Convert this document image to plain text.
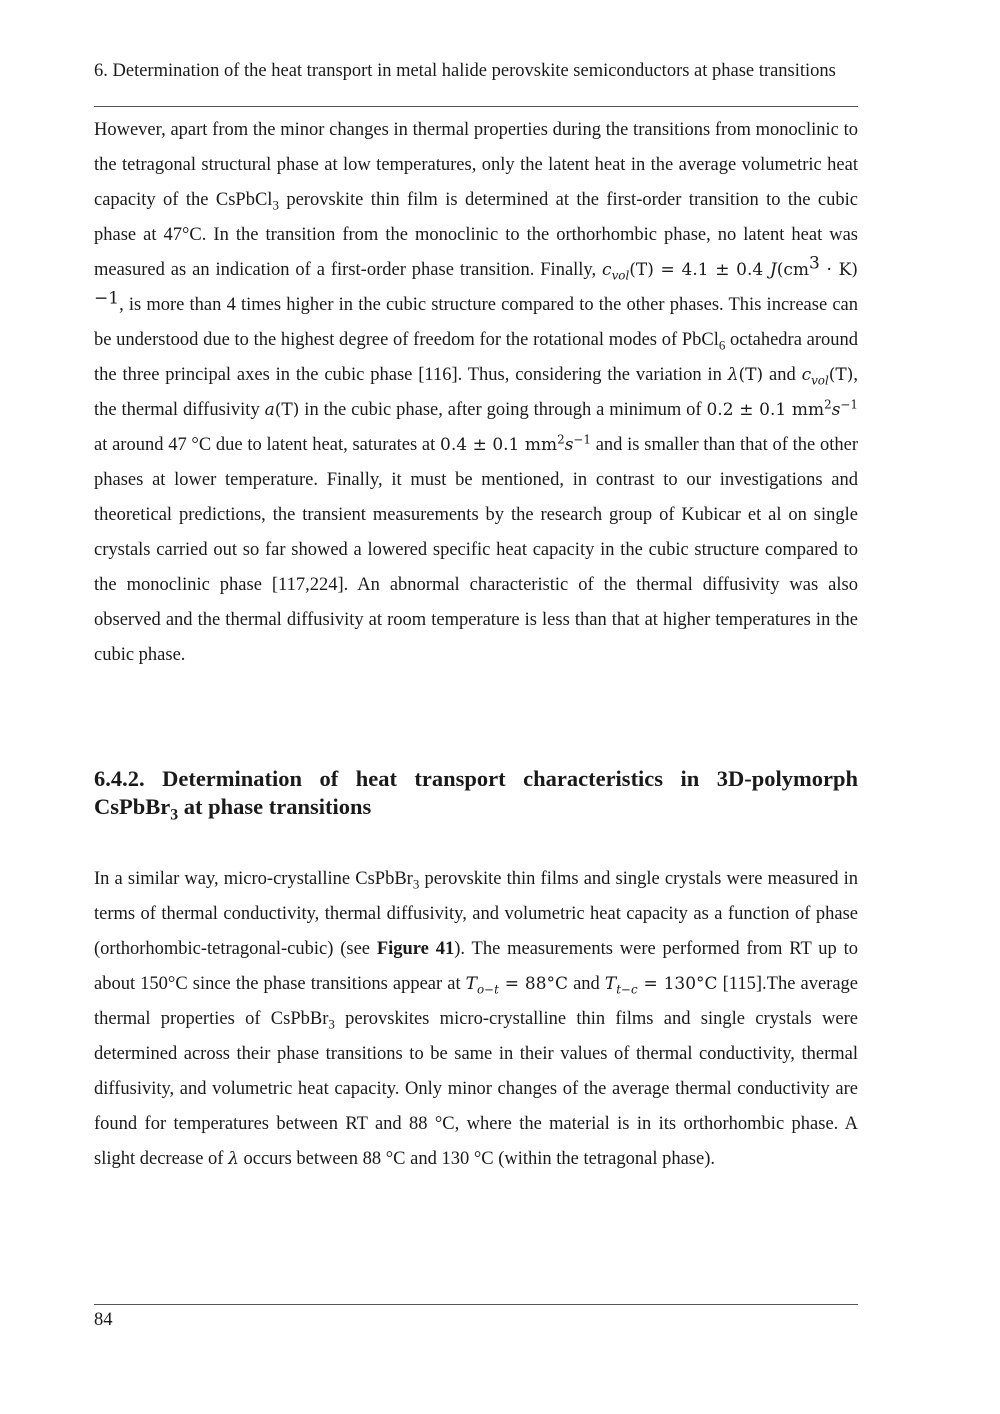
6. Determination of the heat transport in metal halide perovskite semiconductors at phase transitions

However, apart from the minor changes in thermal properties during the transitions from monoclinic to the tetragonal structural phase at low temperatures, only the latent heat in the average volumetric heat capacity of the CsPbCl$_3$ perovskite thin film is determined at the first-order transition to the cubic phase at 47°C. In the transition from the monoclinic to the orthorhombic phase, no latent heat was measured as an indication of a first-order phase transition. Finally, $c_{vol}(T) = 4.1 \pm 0.4$ $J(cm^3 \cdot K)^{-1}$, is more than 4 times higher in the cubic structure compared to the other phases. This increase can be understood due to the highest degree of freedom for the rotational modes of PbCl$_6$ octahedra around the three principal axes in the cubic phase [116]. Thus, considering the variation in λ(T) and $c_{vol}(T)$, the thermal diffusivity a(T) in the cubic phase, after going through a minimum of 0.2 ± 0.1 $mm^2s^{-1}$ at around 47 °C due to latent heat, saturates at 0.4 ± 0.1 $mm^2s^{-1}$ and is smaller than that of the other phases at lower temperature. Finally, it must be mentioned, in contrast to our investigations and theoretical predictions, the transient measurements by the research group of Kubicar et al on single crystals carried out so far showed a lowered specific heat capacity in the cubic structure compared to the monoclinic phase [117,224]. An abnormal characteristic of the thermal diffusivity was also observed and the thermal diffusivity at room temperature is less than that at higher temperatures in the cubic phase.

6.4.2. Determination of heat transport characteristics in 3D-polymorph CsPbBr$_3$ at phase transitions

In a similar way, micro-crystalline CsPbBr$_3$ perovskite thin films and single crystals were measured in terms of thermal conductivity, thermal diffusivity, and volumetric heat capacity as a function of phase (orthorhombic-tetragonal-cubic) (see Figure 41). The measurements were performed from RT up to about 150°C since the phase transitions appear at $T_{o-t} = 88^\circ C$ and $T_{t-c} = 130^\circ C$ [115].The average thermal properties of CsPbBr$_3$ perovskites micro-crystalline thin films and single crystals were determined across their phase transitions to be same in their values of thermal conductivity, thermal diffusivity, and volumetric heat capacity. Only minor changes of the average thermal conductivity are found for temperatures between RT and 88 °C, where the material is in its orthorhombic phase. A slight decrease of λ occurs between 88 °C and 130 °C (within the tetragonal phase).

84
